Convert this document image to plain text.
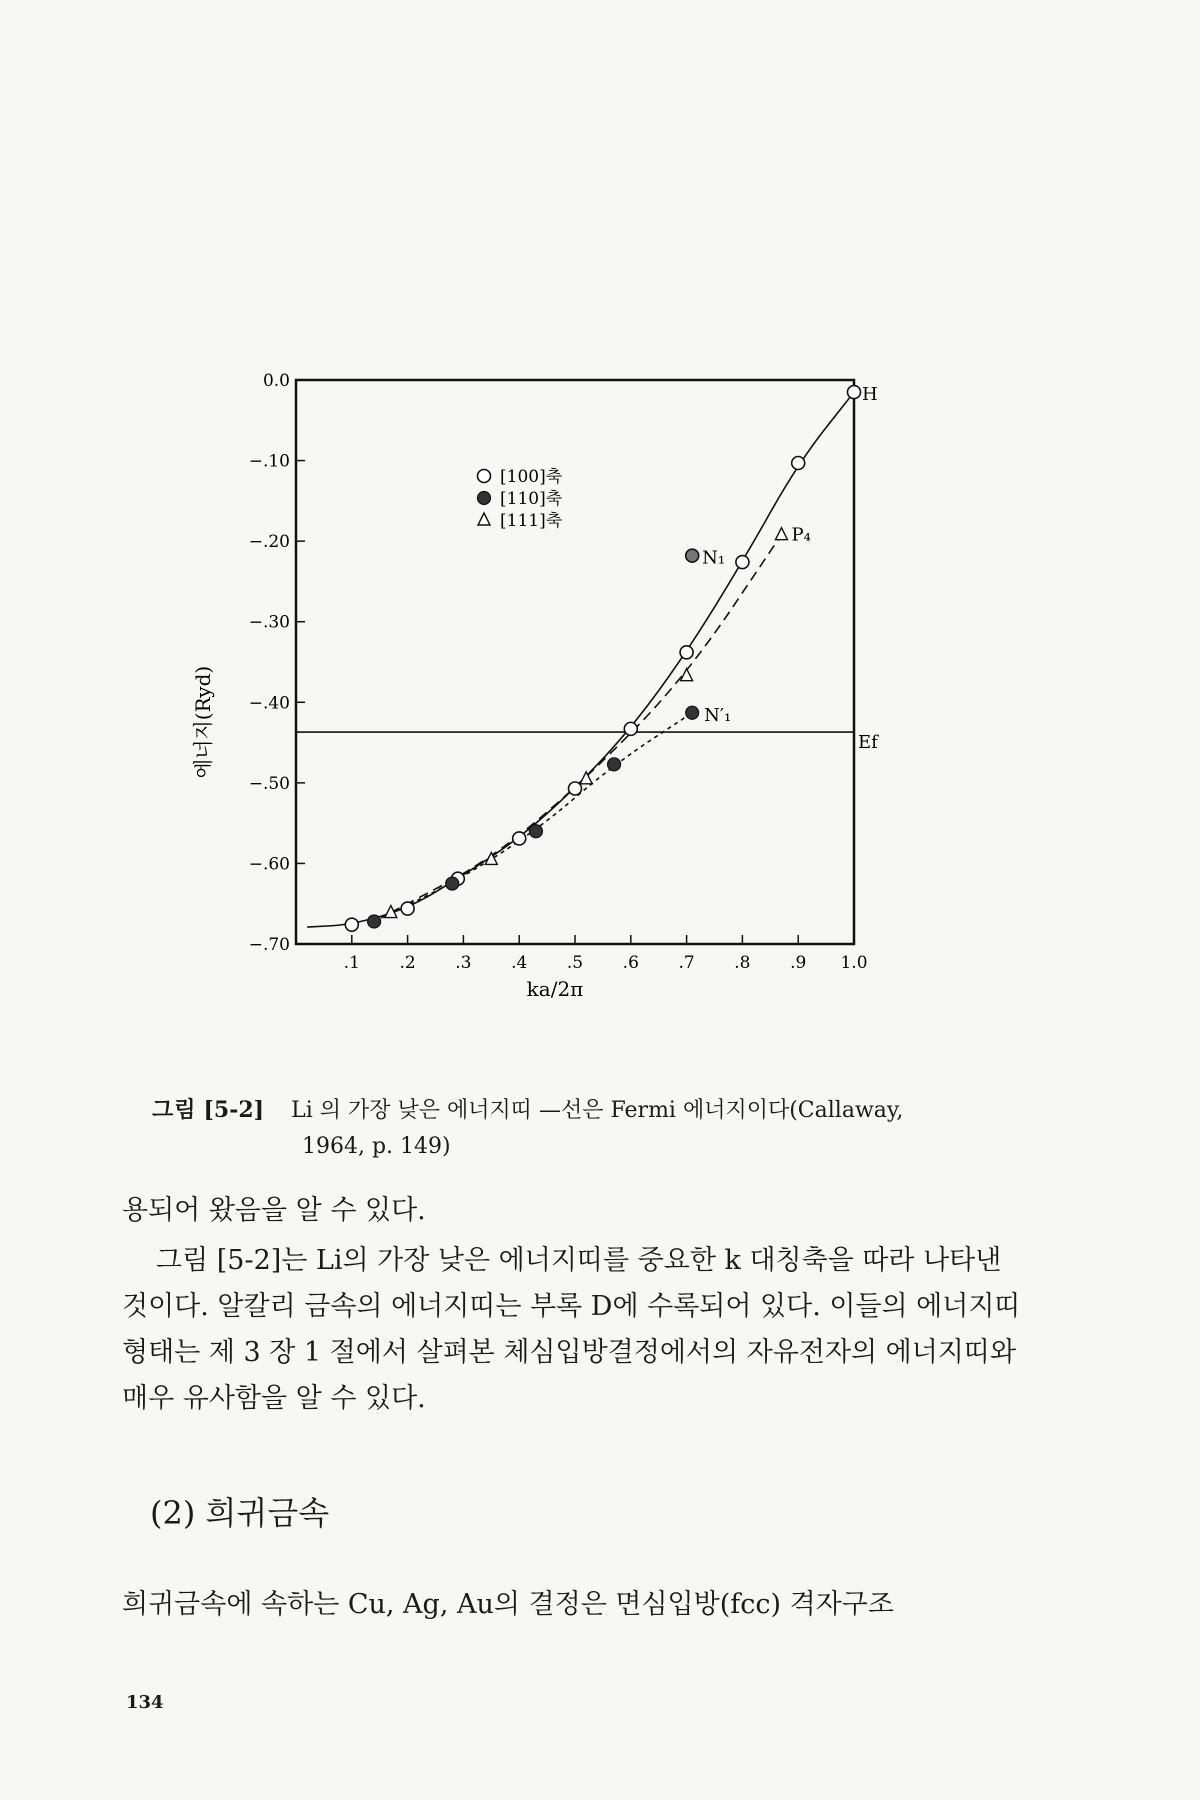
.1 .2 .3 .4 .5 .6 .7 .8 .9 1.0
0.0
−.10
−.20
−.30
−.40
−.50
−.60
−.70
ka/2π
에너지(Ryd)	Ef
H
P₄
N₁
N′₁
[100]축
[110]축
[111]축
그림 [5-2] Li 의 가장 낮은 에너지띠 —선은 Fermi 에너지이다(Callaway,
1964, p. 149)
용되어 왔음을 알 수 있다.
그림 [5-2]는 Li의 가장 낮은 에너지띠를 중요한 k 대칭축을 따라 나타낸 것이다. 알칼리 금속의 에너지띠는 부록 D에 수록되어 있다. 이들의 에너지띠 형태는 제 3 장 1 절에서 살펴본 체심입방결정에서의 자유전자의 에너지띠와 매우 유사함을 알 수 있다.
(2) 희귀금속
희귀금속에 속하는 Cu, Ag, Au의 결정은 면심입방(fcc) 격자구조
134
